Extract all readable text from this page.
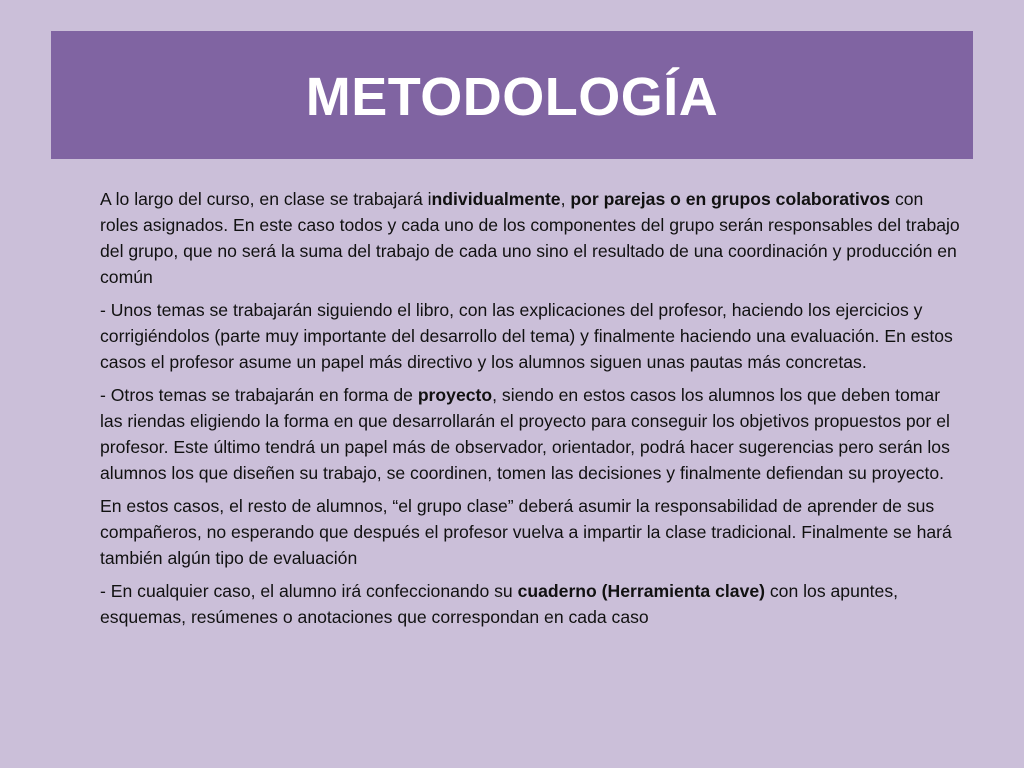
METODOLOGÍA

A lo largo del curso, en clase se trabajará individualmente, por parejas o en grupos colaborativos con roles asignados. En este caso todos y cada uno de los componentes del grupo serán responsables del trabajo del grupo, que no será la suma del trabajo de cada uno sino el resultado de una coordinación y producción en común

- Unos temas se trabajarán siguiendo el libro, con las explicaciones del profesor, haciendo los ejercicios y corrigiéndolos (parte muy importante del desarrollo del tema) y finalmente haciendo una evaluación. En estos casos el profesor asume un papel más directivo y los alumnos siguen unas pautas más concretas.

- Otros temas se trabajarán en forma de proyecto, siendo en estos casos los alumnos los que deben tomar las riendas eligiendo la forma en que desarrollarán el proyecto para conseguir los objetivos propuestos por el profesor. Este último tendrá un papel más de observador, orientador, podrá hacer sugerencias pero serán los alumnos los que diseñen su trabajo, se coordinen, tomen las decisiones y finalmente defiendan su proyecto.

En estos casos, el resto de alumnos, “el grupo clase” deberá asumir la responsabilidad de aprender de sus compañeros, no esperando que después el profesor vuelva a impartir la clase tradicional. Finalmente se hará también algún tipo de evaluación

- En cualquier caso, el alumno irá confeccionando su cuaderno (Herramienta clave) con los apuntes, esquemas, resúmenes o anotaciones que correspondan en cada caso
